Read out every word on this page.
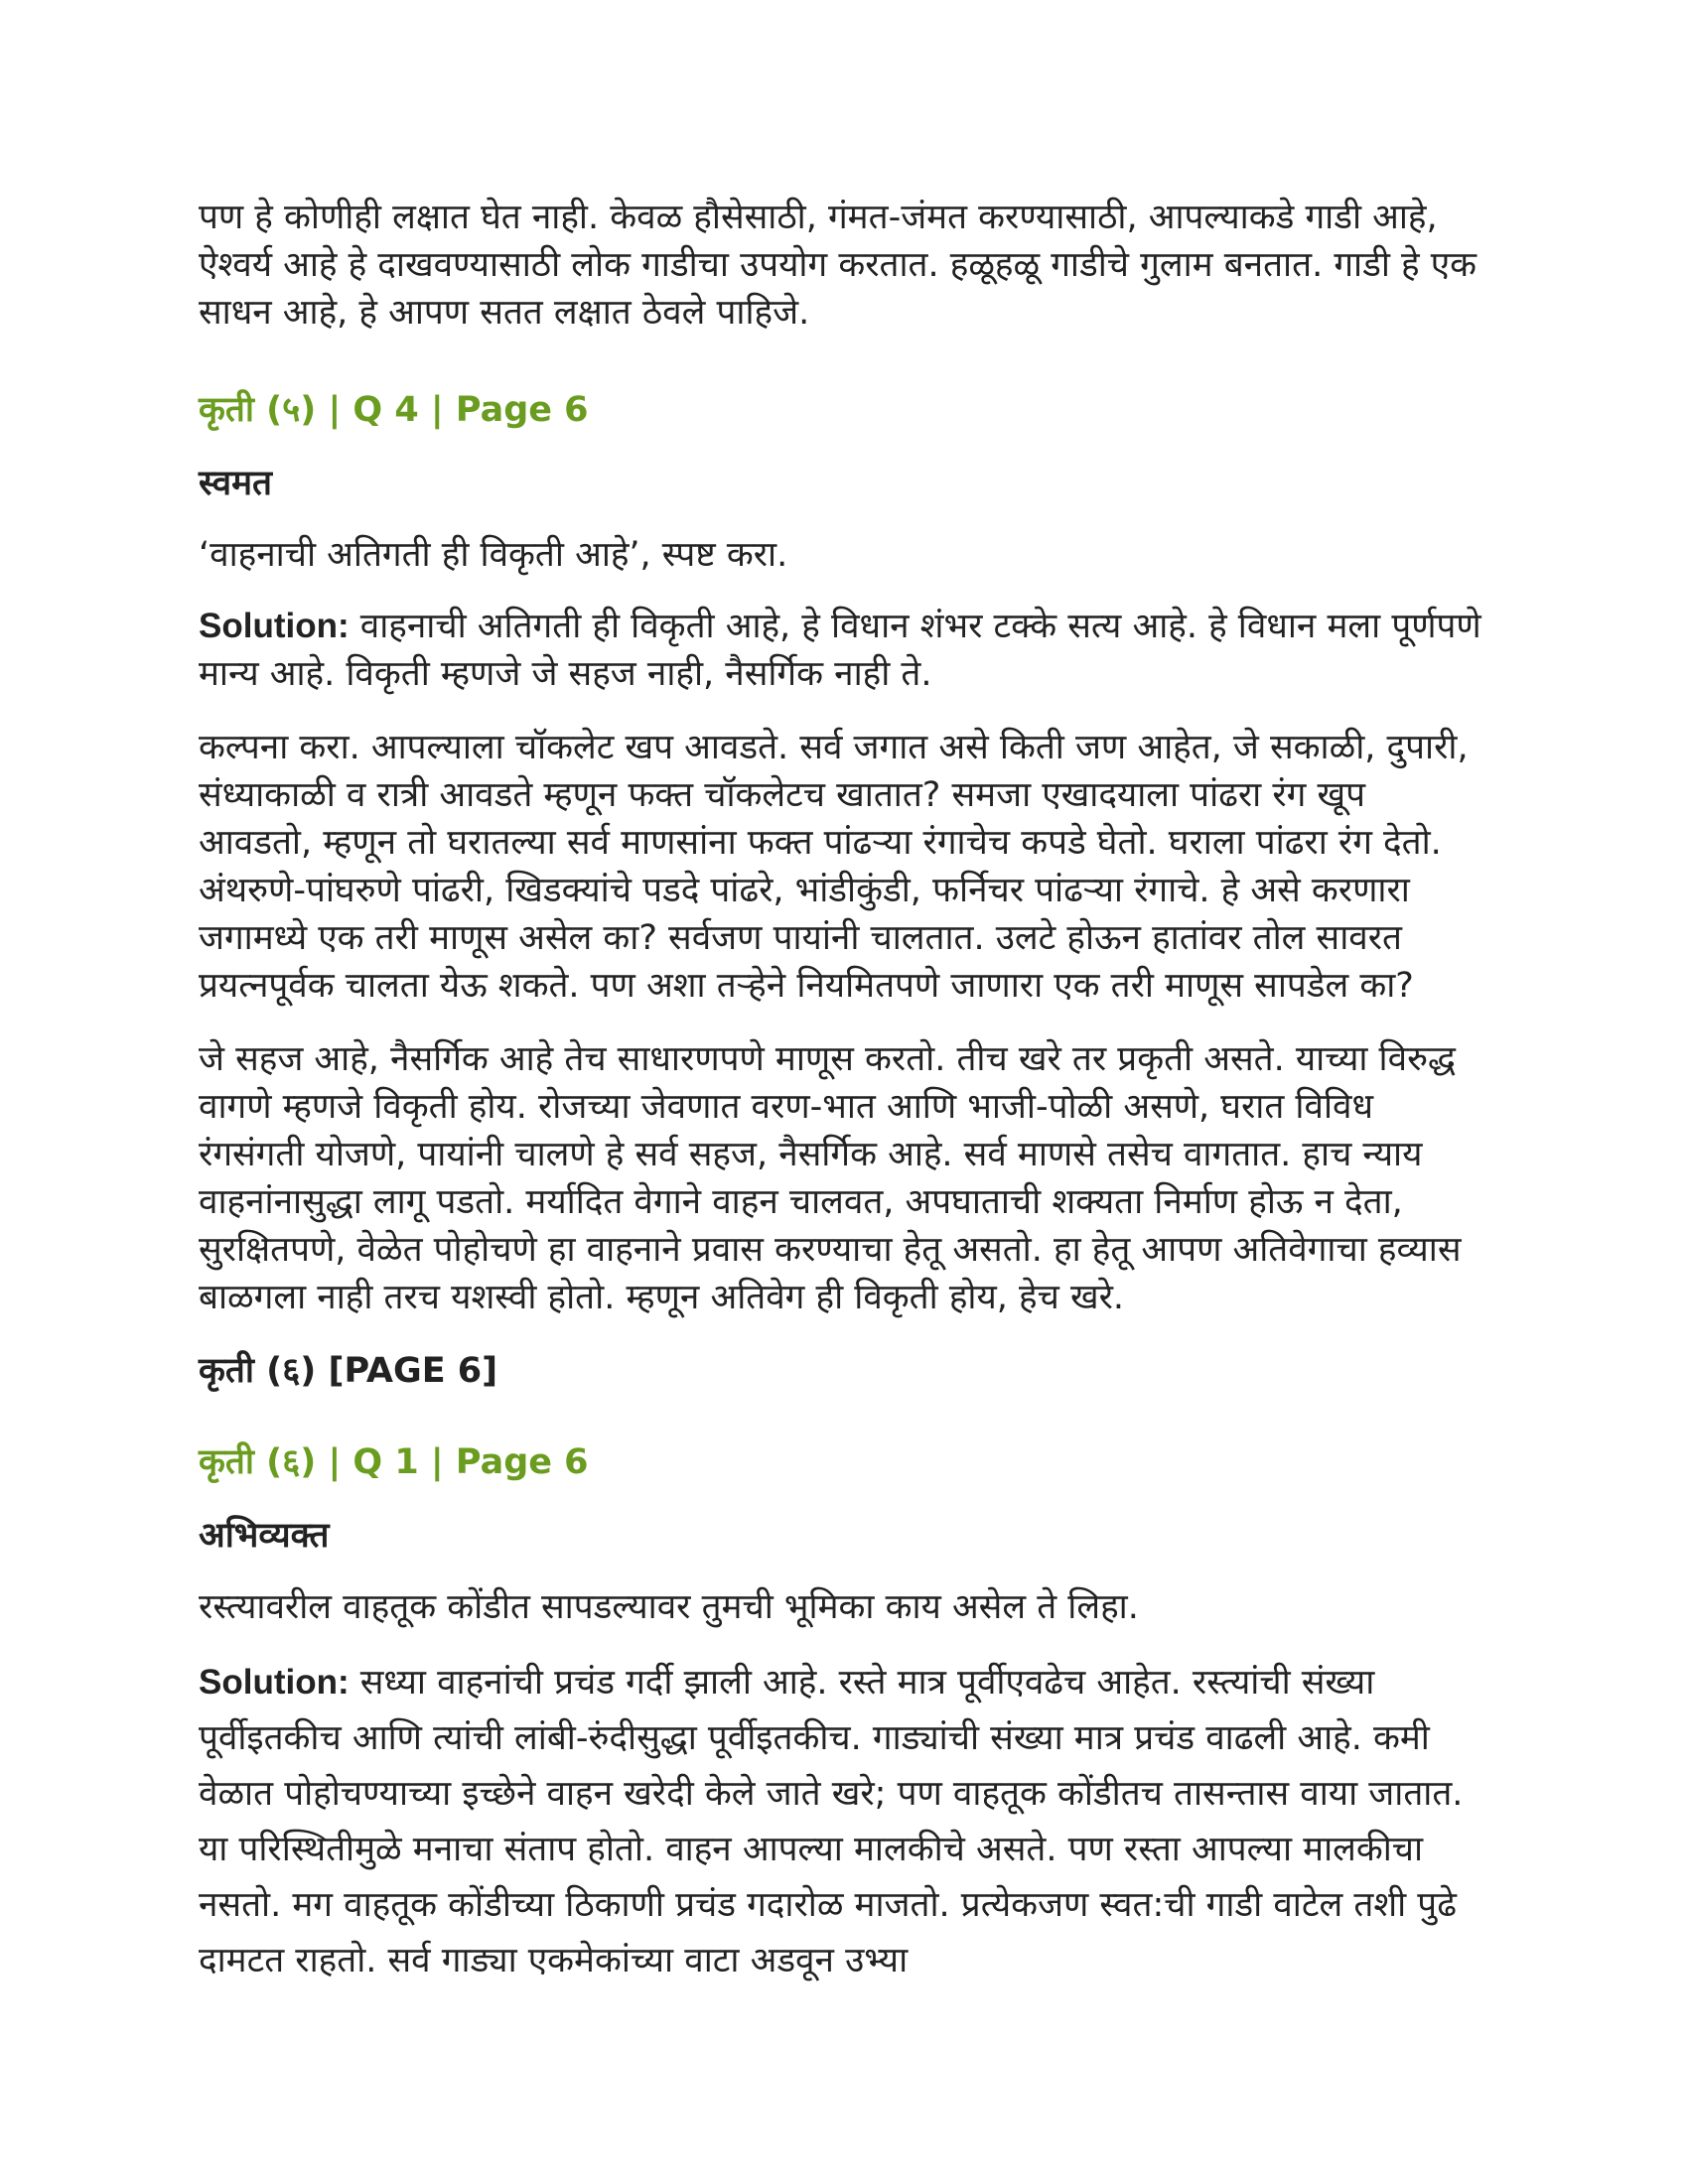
पण हे कोणीही लक्षात घेत नाही. केवळ हौसेसाठी, गंमत-जंमत करण्यासाठी, आपल्याकडे गाडी आहे, ऐश्वर्य आहे हे दाखवण्यासाठी लोक गाडीचा उपयोग करतात. हळूहळू गाडीचे गुलाम बनतात. गाडी हे एक साधन आहे, हे आपण सतत लक्षात ठेवले पाहिजे.

कृती (५) | Q 4 | Page 6
स्वमत

‘वाहनाची अतिगती ही विकृती आहे’, स्पष्ट करा.

Solution: वाहनाची अतिगती ही विकृती आहे, हे विधान शंभर टक्के सत्य आहे. हे विधान मला पूर्णपणे मान्य आहे. विकृती म्हणजे जे सहज नाही, नैसर्गिक नाही ते.

कल्पना करा. आपल्याला चॉकलेट खप आवडते. सर्व जगात असे किती जण आहेत, जे सकाळी, दुपारी, संध्याकाळी व रात्री आवडते म्हणून फक्त चॉकलेटच खातात? समजा एखादयाला पांढरा रंग खूप आवडतो, म्हणून तो घरातल्या सर्व माणसांना फक्त पांढऱ्या रंगाचेच कपडे घेतो. घराला पांढरा रंग देतो. अंथरुणे-पांघरुणे पांढरी, खिडक्यांचे पडदे पांढरे, भांडीकुंडी, फर्निचर पांढऱ्या रंगाचे. हे असे करणारा जगामध्ये एक तरी माणूस असेल का? सर्वजण पायांनी चालतात. उलटे होऊन हातांवर तोल सावरत प्रयत्नपूर्वक चालता येऊ शकते. पण अशा तऱ्हेने नियमितपणे जाणारा एक तरी माणूस सापडेल का?

जे सहज आहे, नैसर्गिक आहे तेच साधारणपणे माणूस करतो. तीच खरे तर प्रकृती असते. याच्या विरुद्ध वागणे म्हणजे विकृती होय. रोजच्या जेवणात वरण-भात आणि भाजी-पोळी असणे, घरात विविध रंगसंगती योजणे, पायांनी चालणे हे सर्व सहज, नैसर्गिक आहे. सर्व माणसे तसेच वागतात. हाच न्याय वाहनांनासुद्धा लागू पडतो. मर्यादित वेगाने वाहन चालवत, अपघाताची शक्यता निर्माण होऊ न देता, सुरक्षितपणे, वेळेत पोहोचणे हा वाहनाने प्रवास करण्याचा हेतू असतो. हा हेतू आपण अतिवेगाचा हव्यास बाळगला नाही तरच यशस्वी होतो. म्हणून अतिवेग ही विकृती होय, हेच खरे.

कृती (६) [PAGE 6]
कृती (६) | Q 1 | Page 6
अभिव्यक्त

रस्त्यावरील वाहतूक कोंडीत सापडल्यावर तुमची भूमिका काय असेल ते लिहा.

Solution: सध्या वाहनांची प्रचंड गर्दी झाली आहे. रस्ते मात्र पूर्वीएवढेच आहेत. रस्त्यांची संख्या पूर्वीइतकीच आणि त्यांची लांबी-रुंदीसुद्धा पूर्वीइतकीच. गाड्यांची संख्या मात्र प्रचंड वाढली आहे. कमी वेळात पोहोचण्याच्या इच्छेने वाहन खरेदी केले जाते खरे; पण वाहतूक कोंडीतच तासन्तास वाया जातात. या परिस्थितीमुळे मनाचा संताप होतो. वाहन आपल्या मालकीचे असते. पण रस्ता आपल्या मालकीचा नसतो. मग वाहतूक कोंडीच्या ठिकाणी प्रचंड गदारोळ माजतो. प्रत्येकजण स्वत:ची गाडी वाटेल तशी पुढे दामटत राहतो. सर्व गाड्या एकमेकांच्या वाटा अडवून उभ्या
